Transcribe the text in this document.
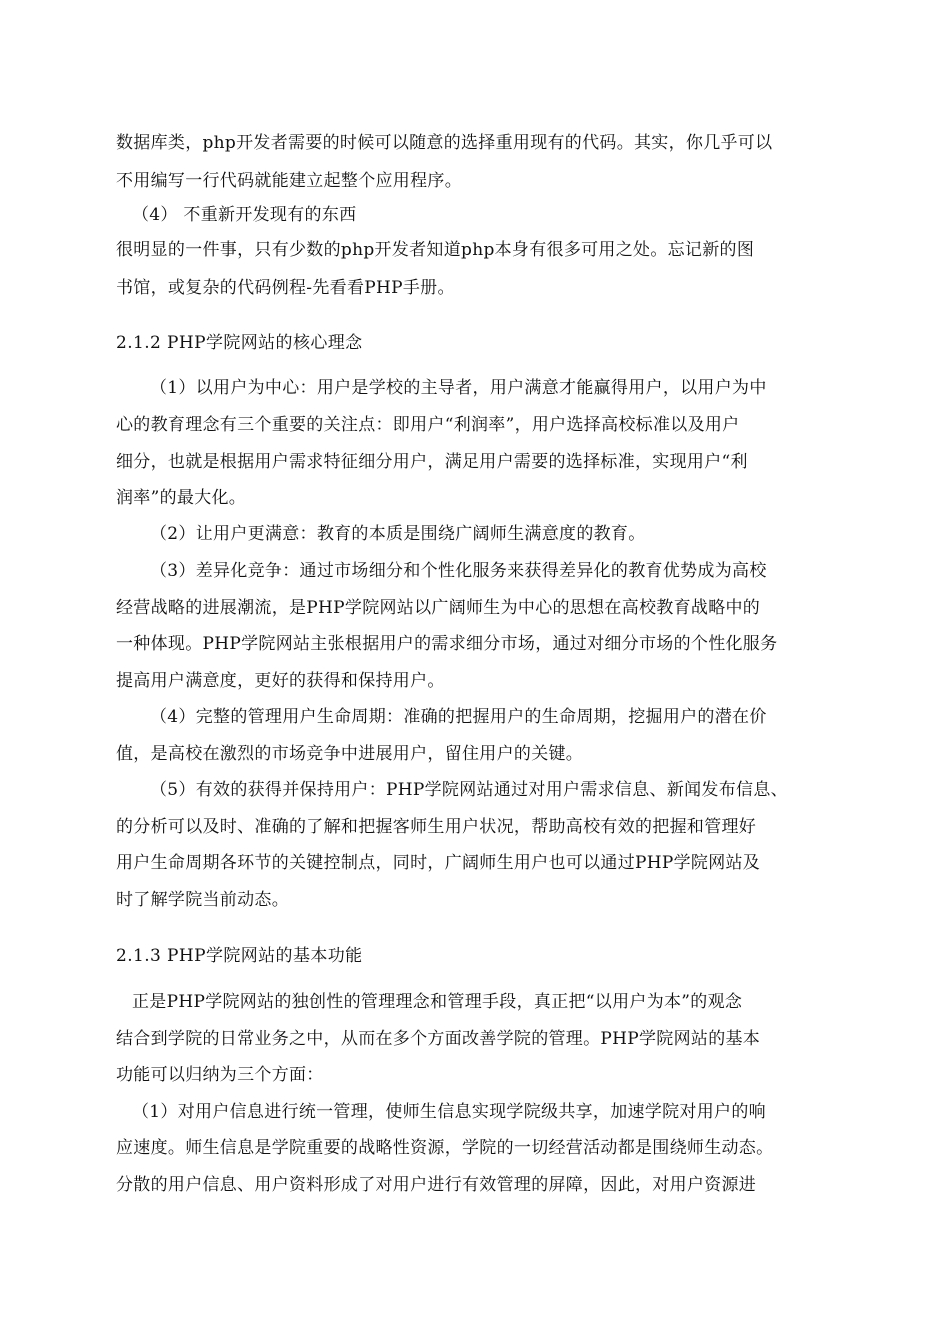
数据库类，php开发者需要的时候可以随意的选择重用现有的代码。其实，你几乎可以
不用编写一行代码就能建立起整个应用程序。
（4） 不重新开发现有的东西
很明显的一件事，只有少数的php开发者知道php本身有很多可用之处。忘记新的图
书馆，或复杂的代码例程-先看看PHP手册。
2.1.2 PHP学院网站的核心理念
（1）以用户为中心：用户是学校的主导者，用户满意才能赢得用户，以用户为中
心的教育理念有三个重要的关注点：即用户“利润率”，用户选择高校标准以及用户
细分，也就是根据用户需求特征细分用户，满足用户需要的选择标准，实现用户“利
润率”的最大化。
（2）让用户更满意：教育的本质是围绕广阔师生满意度的教育。
（3）差异化竞争：通过市场细分和个性化服务来获得差异化的教育优势成为高校
经营战略的进展潮流，是PHP学院网站以广阔师生为中心的思想在高校教育战略中的
一种体现。PHP学院网站主张根据用户的需求细分市场，通过对细分市场的个性化服务
提高用户满意度，更好的获得和保持用户。
（4）完整的管理用户生命周期：准确的把握用户的生命周期，挖掘用户的潜在价
值，是高校在激烈的市场竞争中进展用户，留住用户的关键。
（5）有效的获得并保持用户：PHP学院网站通过对用户需求信息、新闻发布信息、
的分析可以及时、准确的了解和把握客师生用户状况，帮助高校有效的把握和管理好
用户生命周期各环节的关键控制点，同时，广阔师生用户也可以通过PHP学院网站及
时了解学院当前动态。
2.1.3 PHP学院网站的基本功能
正是PHP学院网站的独创性的管理理念和管理手段，真正把“以用户为本”的观念
结合到学院的日常业务之中，从而在多个方面改善学院的管理。PHP学院网站的基本
功能可以归纳为三个方面：
（1）对用户信息进行统一管理，使师生信息实现学院级共享，加速学院对用户的响
应速度。师生信息是学院重要的战略性资源，学院的一切经营活动都是围绕师生动态。
分散的用户信息、用户资料形成了对用户进行有效管理的屏障，因此，对用户资源进
